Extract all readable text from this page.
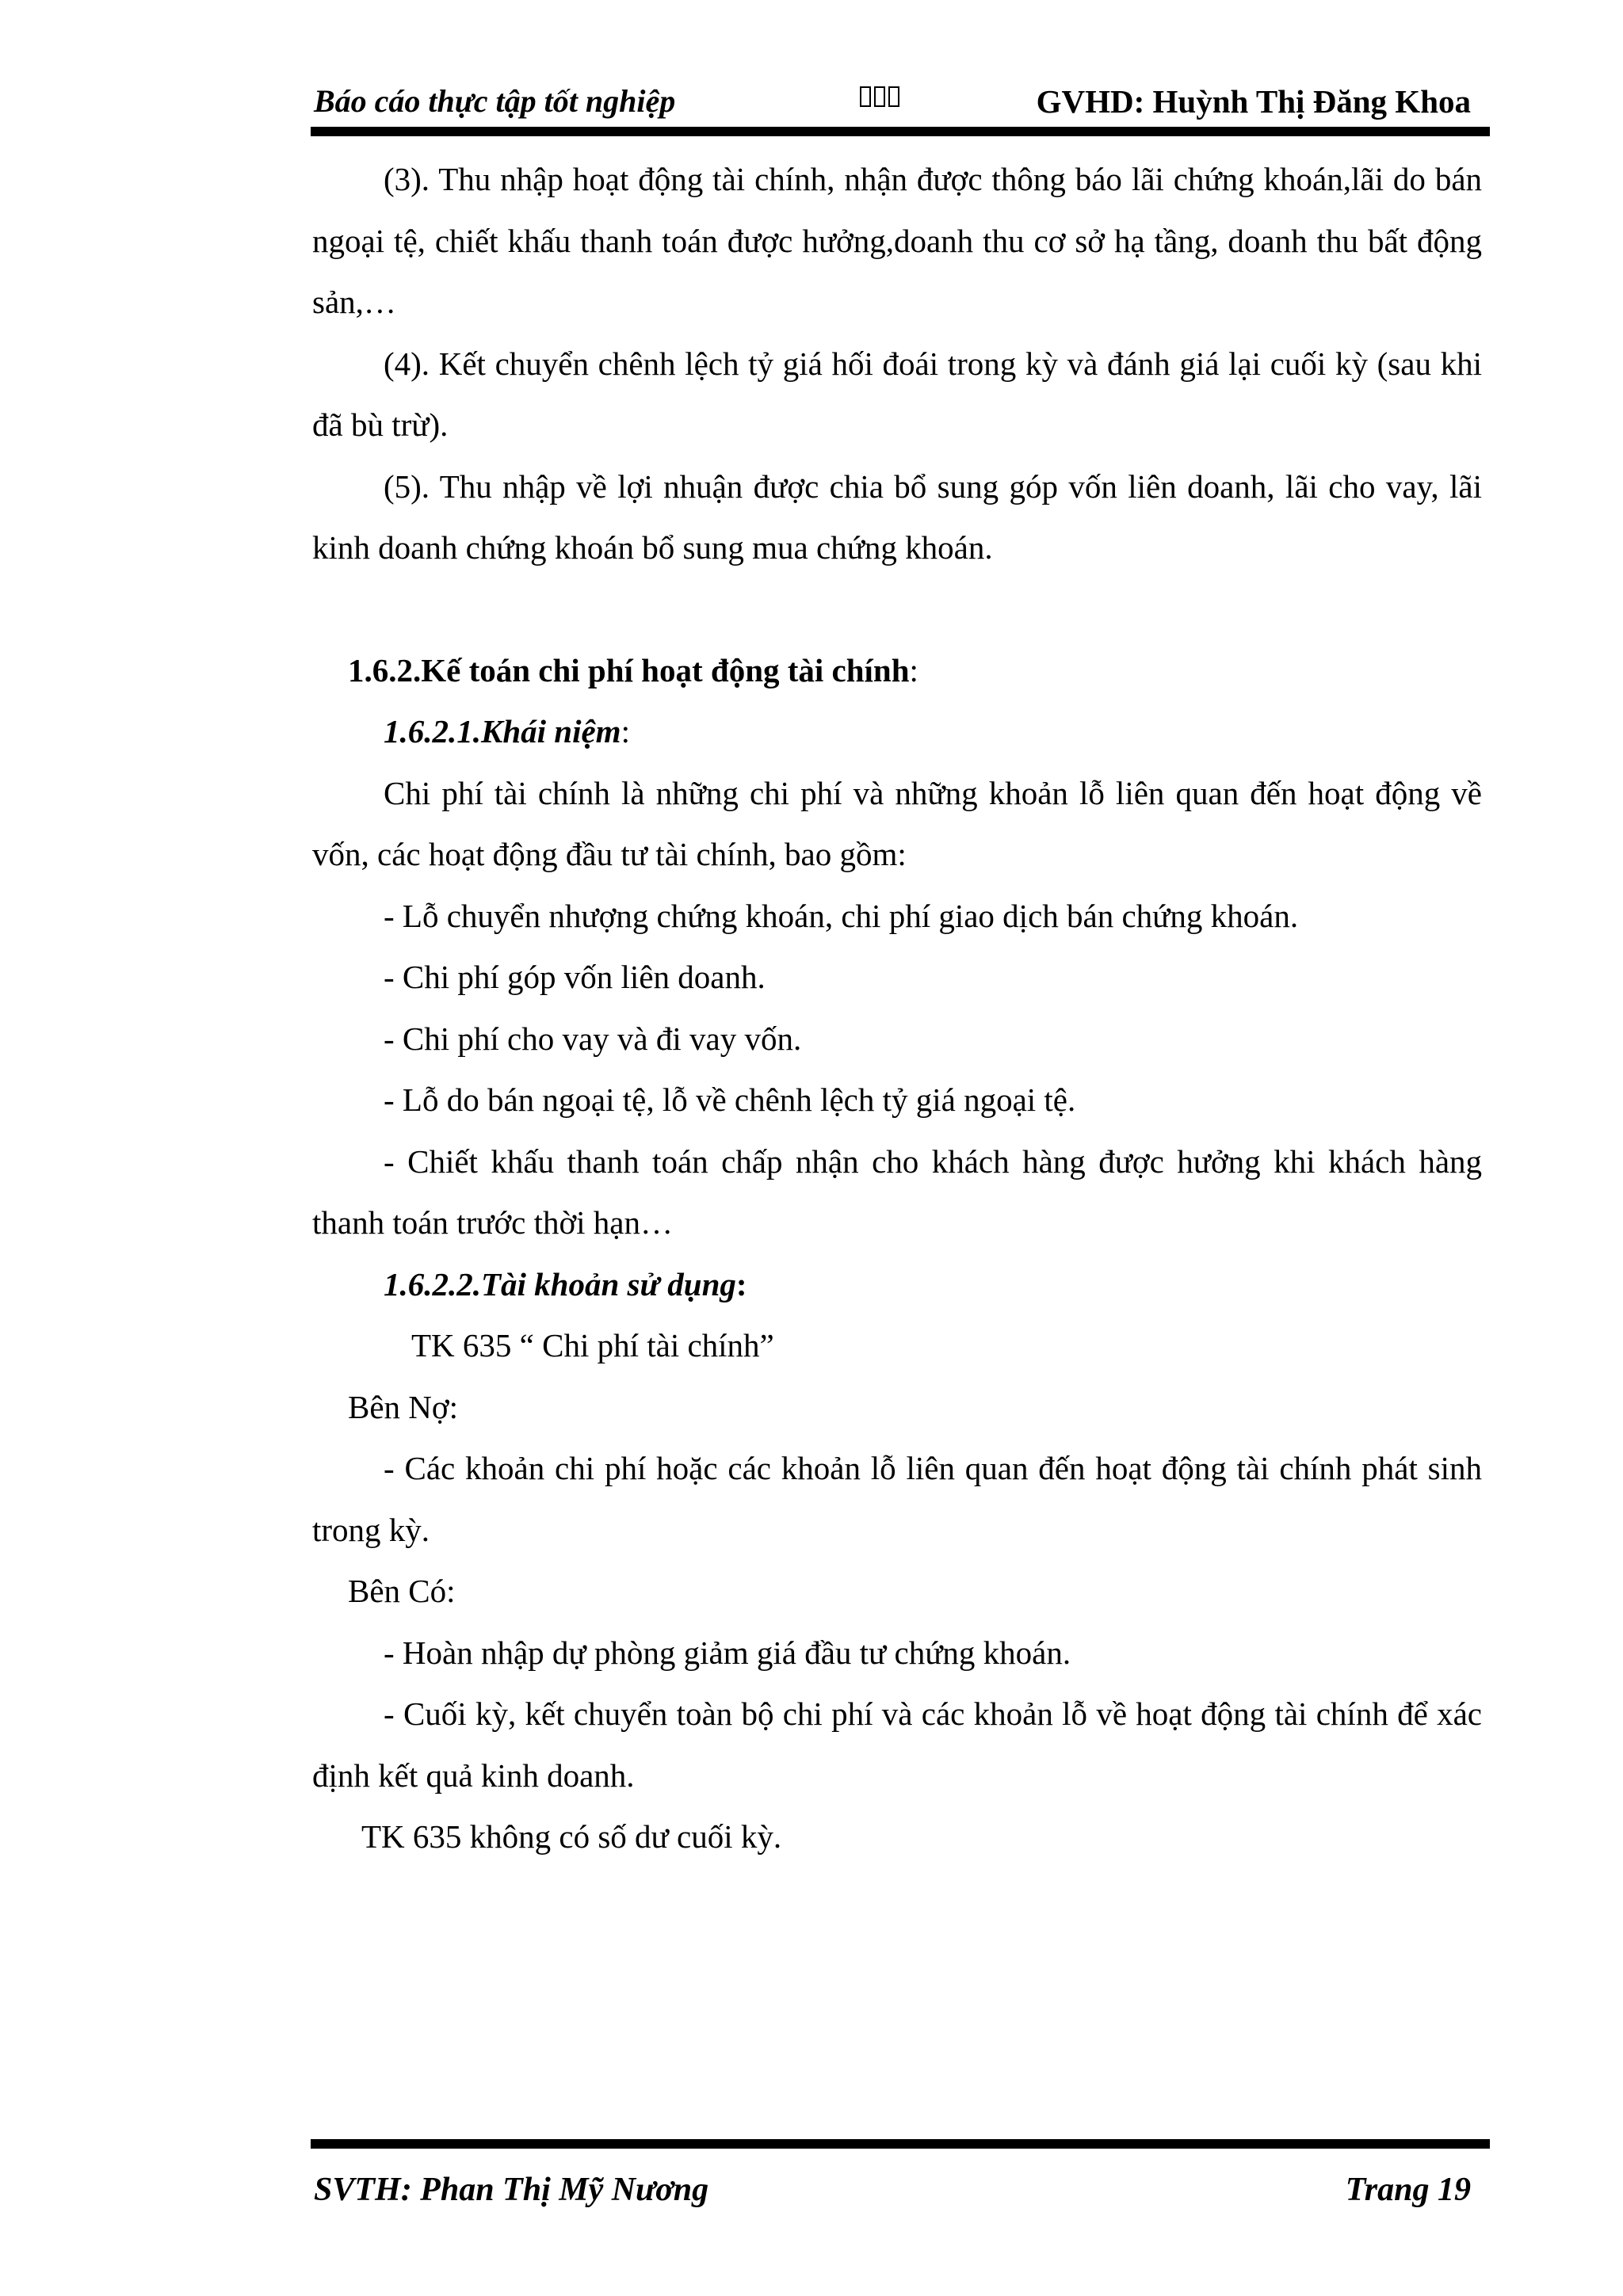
Báo cáo thực tập tốt nghiệp	GVHD: Huỳnh Thị Đăng Khoa

(3). Thu nhập hoạt động tài chính, nhận được thông báo lãi chứng khoán,lãi do bán ngoại tệ, chiết khấu thanh toán được hưởng,doanh thu cơ sở hạ tầng, doanh thu bất động sản,…

(4). Kết chuyển chênh lệch tỷ giá hối đoái trong kỳ và đánh giá lại cuối kỳ (sau khi đã bù trừ).

(5). Thu nhập về lợi nhuận được chia bổ sung góp vốn liên doanh, lãi cho vay, lãi kinh doanh chứng khoán bổ sung mua chứng khoán.

1.6.2.Kế toán chi phí hoạt động tài chính:

1.6.2.1.Khái niệm:

Chi phí tài chính là những chi phí và những khoản lỗ liên quan đến hoạt động về vốn, các hoạt động đầu tư tài chính, bao gồm:

- Lỗ chuyển nhượng chứng khoán, chi phí giao dịch bán chứng khoán.

- Chi phí góp vốn liên doanh.

- Chi phí cho vay và đi vay vốn.

- Lỗ do bán ngoại tệ, lỗ về chênh lệch tỷ giá ngoại tệ.

- Chiết khấu thanh toán chấp nhận cho khách hàng được hưởng khi khách hàng thanh toán trước thời hạn…

1.6.2.2.Tài khoản sử dụng:

TK 635 “ Chi phí tài chính”

Bên Nợ:

- Các khoản chi phí hoặc các khoản lỗ liên quan đến hoạt động tài chính phát sinh trong kỳ.

Bên Có:

- Hoàn nhập dự phòng giảm giá đầu tư chứng khoán.

- Cuối kỳ, kết chuyển toàn bộ chi phí và các khoản lỗ về hoạt động tài chính để xác định kết quả kinh doanh.

TK 635 không có số dư cuối kỳ.

SVTH: Phan Thị Mỹ Nương	Trang 19
